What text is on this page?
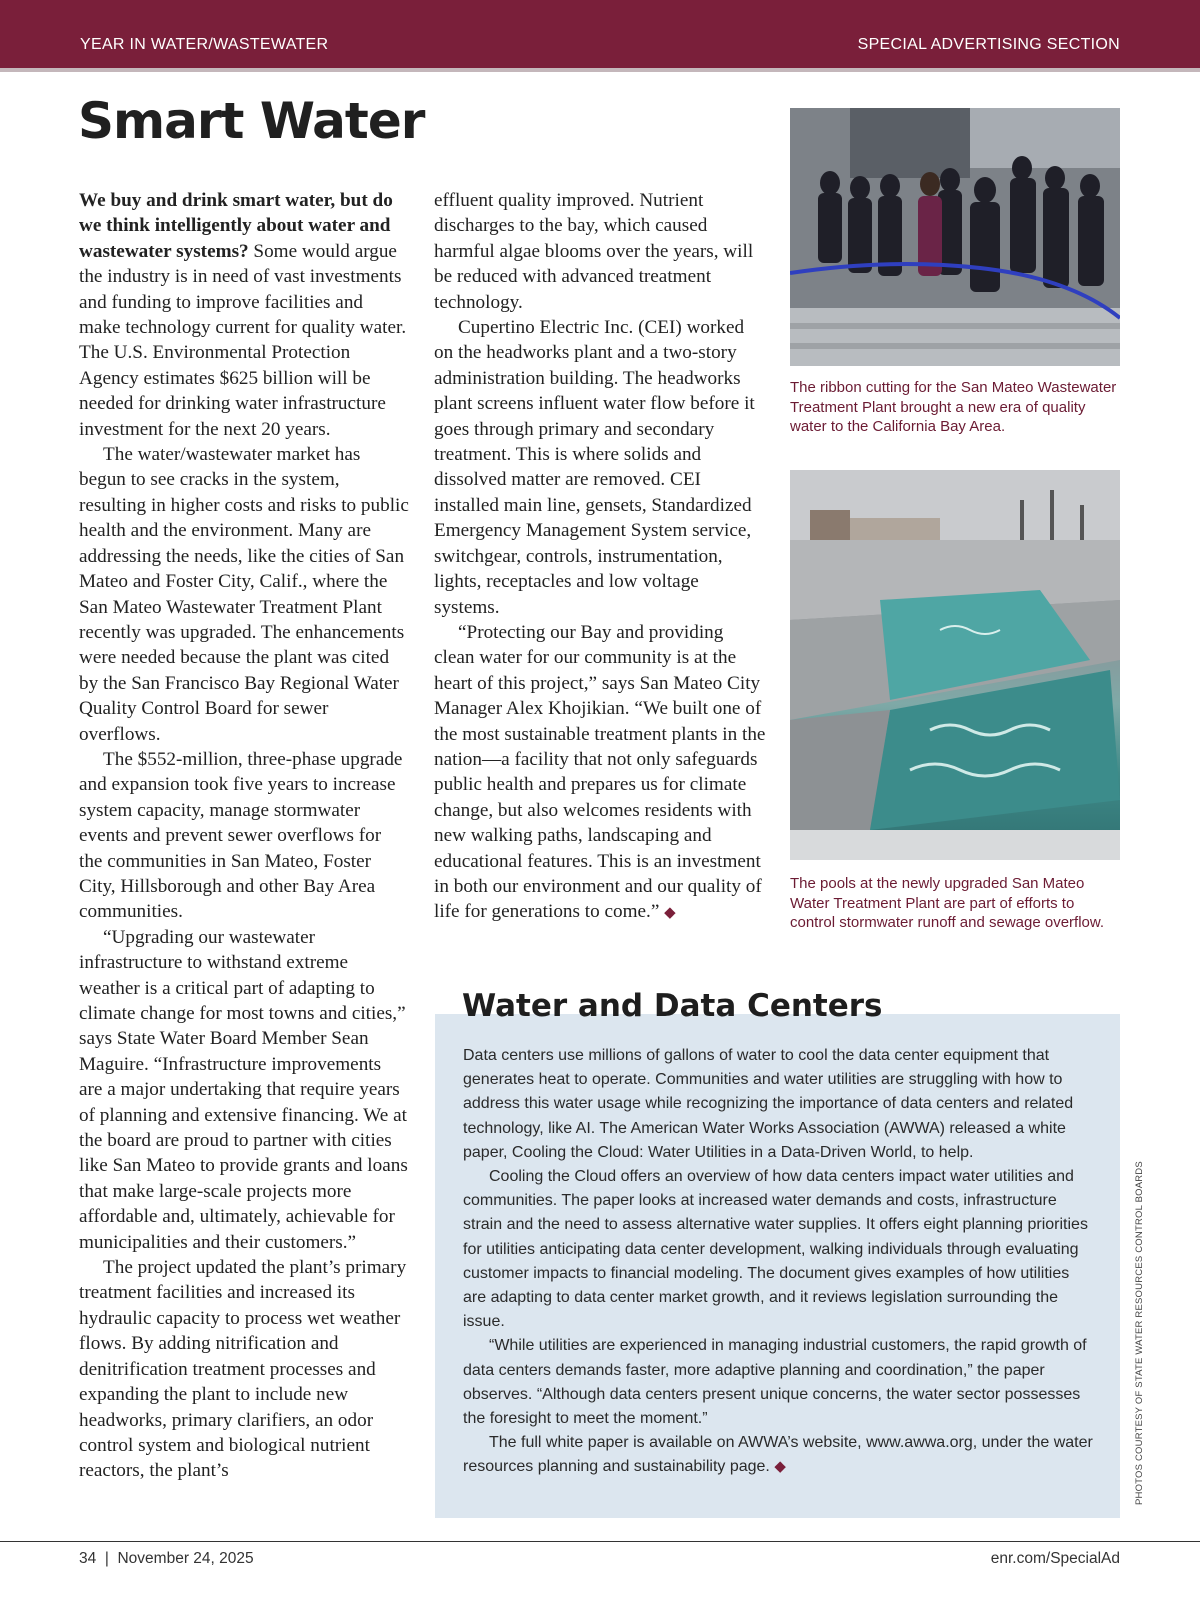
YEAR IN WATER/WASTEWATER	SPECIAL ADVERTISING SECTION
Smart Water

We buy and drink smart water, but do we think intelligently about water and wastewater systems? Some would argue the industry is in need of vast investments and funding to improve facilities and make technology current for quality water. The U.S. Environmental Protection Agency estimates $625 billion will be needed for drinking water infrastructure investment for the next 20 years.

The water/wastewater market has begun to see cracks in the system, resulting in higher costs and risks to public health and the environment. Many are addressing the needs, like the cities of San Mateo and Foster City, Calif., where the San Mateo Wastewater Treatment Plant recently was upgraded. The enhancements were needed because the plant was cited by the San Francisco Bay Regional Water Quality Control Board for sewer overflows.

The $552-million, three-phase upgrade and expansion took five years to increase system capacity, manage stormwater events and prevent sewer overflows for the communities in San Mateo, Foster City, Hillsborough and other Bay Area communities.

“Upgrading our wastewater infrastructure to withstand extreme weather is a critical part of adapting to climate change for most towns and cities,” says State Water Board Member Sean Maguire. “Infrastructure improvements are a major undertaking that require years of planning and extensive financing. We at the board are proud to partner with cities like San Mateo to provide grants and loans that make large-scale projects more affordable and, ultimately, achievable for municipalities and their customers.”

The project updated the plant’s primary treatment facilities and increased its hydraulic capacity to process wet weather flows. By adding nitrification and denitrification treatment processes and expanding the plant to include new headworks, primary clarifiers, an odor control system and biological nutrient reactors, the plant’s

effluent quality improved. Nutrient discharges to the bay, which caused harmful algae blooms over the years, will be reduced with advanced treatment technology.

Cupertino Electric Inc. (CEI) worked on the headworks plant and a two-story administration building. The headworks plant screens influent water flow before it goes through primary and secondary treatment. This is where solids and dissolved matter are removed. CEI installed main line, gensets, Standardized Emergency Management System service, switchgear, controls, instrumentation, lights, receptacles and low voltage systems.

“Protecting our Bay and providing clean water for our community is at the heart of this project,” says San Mateo City Manager Alex Khojikian. “We built one of the most sustainable treatment plants in the nation—a facility that not only safeguards public health and prepares us for climate change, but also welcomes residents with new walking paths, landscaping and educational features. This is an investment in both our environment and our quality of life for generations to come.” ◆

The ribbon cutting for the San Mateo Wastewater Treatment Plant brought a new era of quality water to the California Bay Area.

The pools at the newly upgraded San Mateo Water Treatment Plant are part of efforts to control stormwater runoff and sewage overflow.

Water and Data Centers

Data centers use millions of gallons of water to cool the data center equipment that generates heat to operate. Communities and water utilities are struggling with how to address this water usage while recognizing the importance of data centers and related technology, like AI. The American Water Works Association (AWWA) released a white paper, Cooling the Cloud: Water Utilities in a Data-Driven World, to help.

Cooling the Cloud offers an overview of how data centers impact water utilities and communities. The paper looks at increased water demands and costs, infrastructure strain and the need to assess alternative water supplies. It offers eight planning priorities for utilities anticipating data center development, walking individuals through evaluating customer impacts to financial modeling. The document gives examples of how utilities are adapting to data center market growth, and it reviews legislation surrounding the issue.

“While utilities are experienced in managing industrial customers, the rapid growth of data centers demands faster, more adaptive planning and coordination,” the paper observes. “Although data centers present unique concerns, the water sector possesses the foresight to meet the moment.”

The full white paper is available on AWWA’s website, www.awwa.org, under the water resources planning and sustainability page. ◆	PHOTOS COURTESY OF STATE WATER RESOURCES CONTROL BOARDS
34  |  November 24, 2025	enr.com/SpecialAd
